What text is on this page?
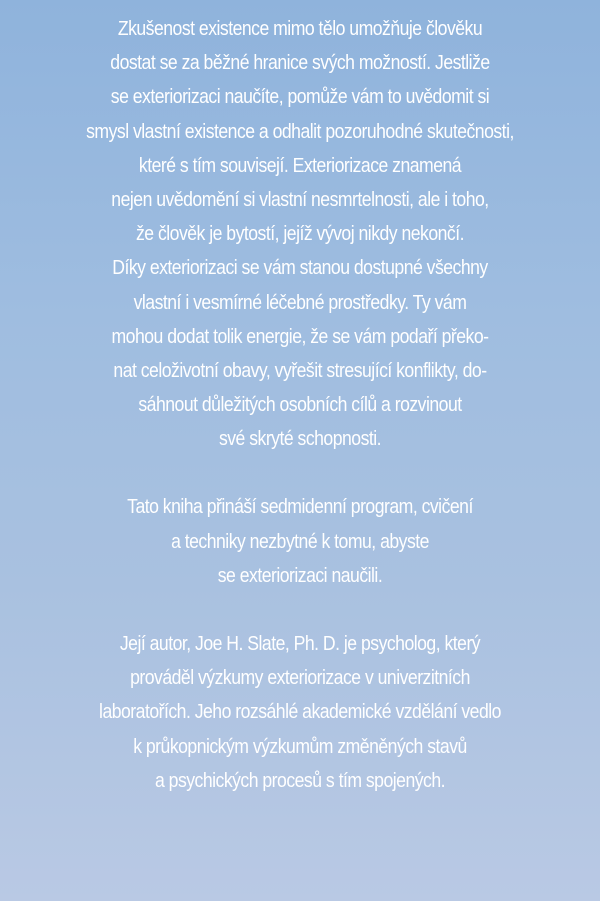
Zkušenost existence mimo tělo umožňuje člověku
dostat se za běžné hranice svých možností. Jestliže
se exteriorizaci naučíte, pomůže vám to uvědomit si
smysl vlastní existence a odhalit pozoruhodné skutečnosti,
které s tím souvisejí. Exteriorizace znamená
nejen uvědomění si vlastní nesmrtelnosti, ale i toho,
že člověk je bytostí, jejíž vývoj nikdy nekončí.
Díky exteriorizaci se vám stanou dostupné všechny
vlastní i vesmírné léčebné prostředky. Ty vám
mohou dodat tolik energie, že se vám podaří překo-
nat celoživotní obavy, vyřešit stresující konflikty, do-
sáhnout důležitých osobních cílů a rozvinout
své skryté schopnosti.
Tato kniha přináší sedmidenní program, cvičení
a techniky nezbytné k tomu, abyste
se exteriorizaci naučili.
Její autor, Joe H. Slate, Ph. D. je psycholog, který
prováděl výzkumy exteriorizace v univerzitních
laboratořích. Jeho rozsáhlé akademické vzdělání vedlo
k průkopnickým výzkumům změněných stavů
a psychických procesů s tím spojených.
